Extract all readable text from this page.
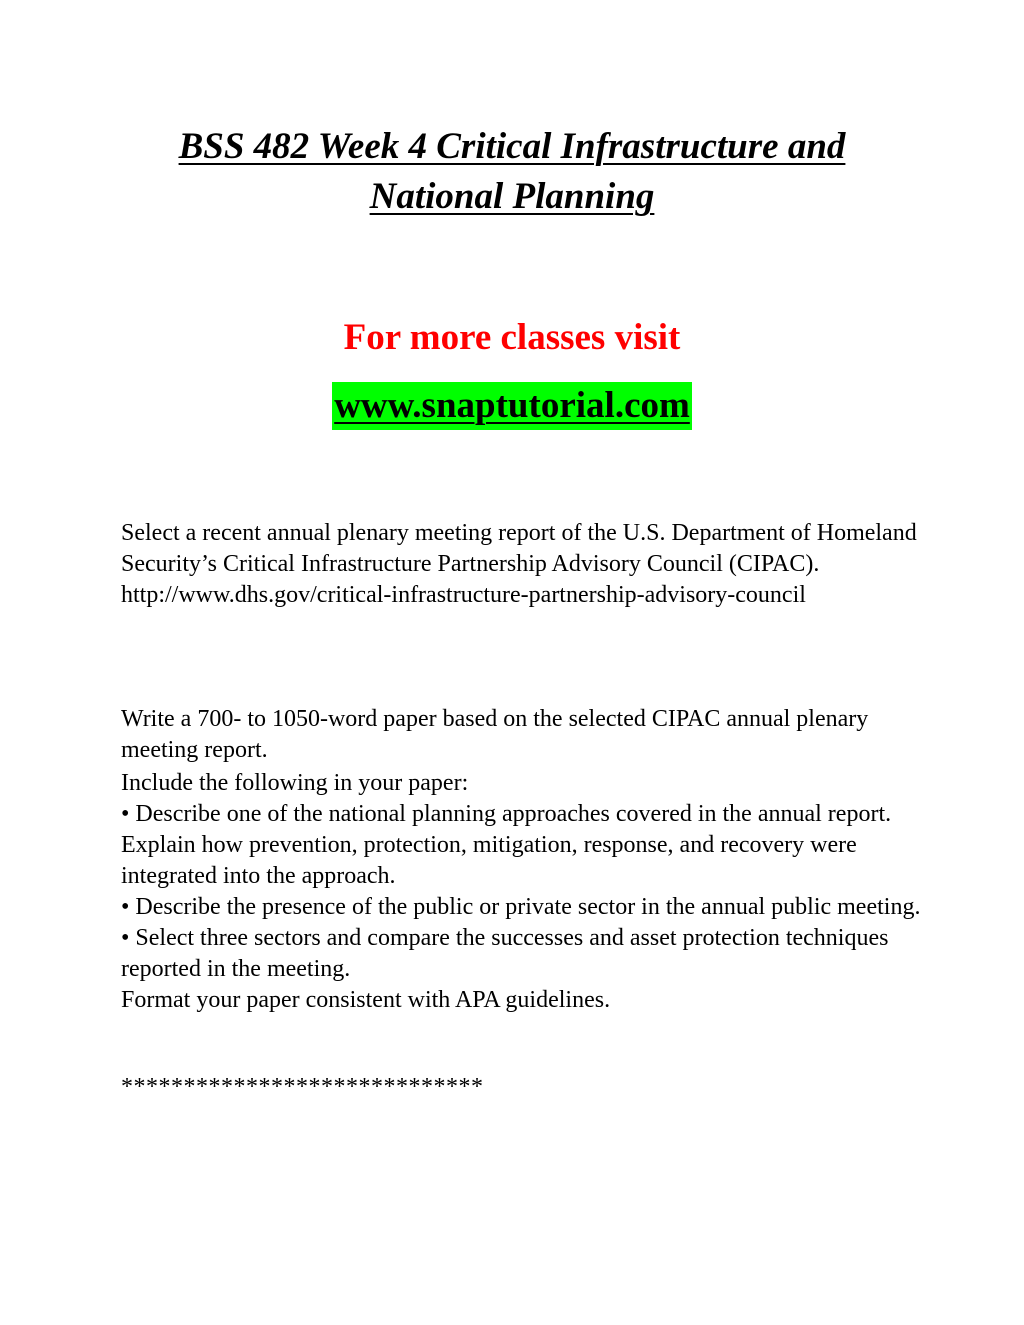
BSS 482 Week 4 Critical Infrastructure and
National Planning
For more classes visit
www.snaptutorial.com

Select a recent annual plenary meeting report of the U.S. Department of Homeland Security’s Critical Infrastructure Partnership Advisory Council (CIPAC). http://www.dhs.gov/critical-infrastructure-partnership-advisory-council

Write a 700- to 1050-word paper based on the selected CIPAC annual plenary meeting report.

Include the following in your paper:

• Describe one of the national planning approaches covered in the annual report. Explain how prevention, protection, mitigation, response, and recovery were integrated into the approach.

• Describe the presence of the public or private sector in the annual public meeting.

• Select three sectors and compare the successes and asset protection techniques reported in the meeting.

Format your paper consistent with APA guidelines.

*****************************
